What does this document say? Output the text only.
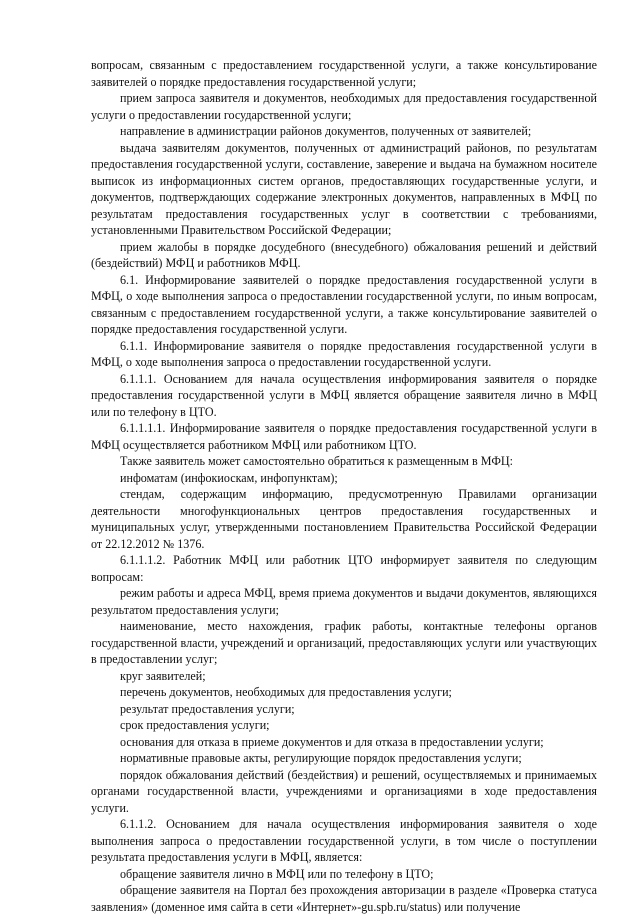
вопросам, связанным с предоставлением государственной услуги, а также консультирование заявителей о порядке предоставления государственной услуги;

прием запроса заявителя и документов, необходимых для предоставления государственной услуги о предоставлении государственной услуги;

направление в администрации районов документов, полученных от заявителей;

выдача заявителям документов, полученных от администраций районов, по результатам предоставления государственной услуги, составление, заверение и выдача на бумажном носителе выписок из информационных систем органов, предоставляющих государственные услуги, и документов, подтверждающих содержание электронных документов, направленных в МФЦ по результатам предоставления государственных услуг в соответствии с требованиями, установленными Правительством Российской Федерации;

прием жалобы в порядке досудебного (внесудебного) обжалования решений и действий (бездействий) МФЦ и работников МФЦ.

6.1. Информирование заявителей о порядке предоставления государственной услуги в МФЦ, о ходе выполнения запроса о предоставлении государственной услуги, по иным вопросам, связанным с предоставлением государственной услуги, а также консультирование заявителей о порядке предоставления государственной услуги.

6.1.1. Информирование заявителя о порядке предоставления государственной услуги в МФЦ, о ходе выполнения запроса о предоставлении государственной услуги.

6.1.1.1. Основанием для начала осуществления информирования заявителя о порядке предоставления государственной услуги в МФЦ является обращение заявителя лично в МФЦ или по телефону в ЦТО.

6.1.1.1.1. Информирование заявителя о порядке предоставления государственной услуги в МФЦ осуществляется работником МФЦ или работником ЦТО.

Также заявитель может самостоятельно обратиться к размещенным в МФЦ:

инфоматам (инфокиоскам, инфопунктам);

стендам, содержащим информацию, предусмотренную Правилами организации деятельности многофункциональных центров предоставления государственных и муниципальных услуг, утвержденными постановлением Правительства Российской Федерации от 22.12.2012 № 1376.

6.1.1.1.2. Работник МФЦ или работник ЦТО информирует заявителя по следующим вопросам:

режим работы и адреса МФЦ, время приема документов и выдачи документов, являющихся результатом предоставления услуги;

наименование, место нахождения, график работы, контактные телефоны органов государственной власти, учреждений и организаций, предоставляющих услуги или участвующих в предоставлении услуг;

круг заявителей;

перечень документов, необходимых для предоставления услуги;

результат предоставления услуги;

срок предоставления услуги;

основания для отказа в приеме документов и для отказа в предоставлении услуги;

нормативные правовые акты, регулирующие порядок предоставления услуги;

порядок обжалования действий (бездействия) и решений, осуществляемых и принимаемых органами государственной власти, учреждениями и организациями в ходе предоставления услуги.

6.1.1.2. Основанием для начала осуществления информирования заявителя о ходе выполнения запроса о предоставлении государственной услуги, в том числе о поступлении результата предоставления услуги в МФЦ, является:

обращение заявителя лично в МФЦ или по телефону в ЦТО;

обращение заявителя на Портал без прохождения авторизации в разделе «Проверка статуса заявления» (доменное имя сайта в сети «Интернет»-gu.spb.ru/status) или получение
